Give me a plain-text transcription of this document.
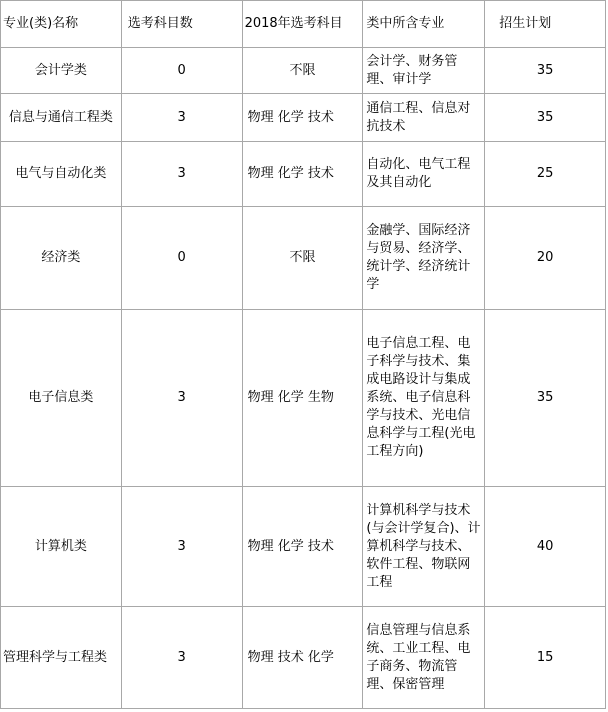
专业(类)名称	选考科目数	2018年选考科目	类中所含专业	招生计划
会计学类	0	不限	会计学、财务管理、审计学	35
信息与通信工程类	3	物理 化学 技术	通信工程、信息对抗技术	35
电气与自动化类	3	物理 化学 技术	自动化、电气工程及其自动化	25
经济类	0	不限	金融学、国际经济与贸易、经济学、统计学、经济统计学	20
电子信息类	3	物理 化学 生物	电子信息工程、电子科学与技术、集成电路设计与集成系统、电子信息科学与技术、光电信息科学与工程(光电工程方向)	35
计算机类	3	物理 化学 技术	计算机科学与技术(与会计学复合)、计算机科学与技术、软件工程、物联网工程	40
管理科学与工程类	3	物理 技术 化学	信息管理与信息系统、工业工程、电子商务、物流管理、保密管理	15
